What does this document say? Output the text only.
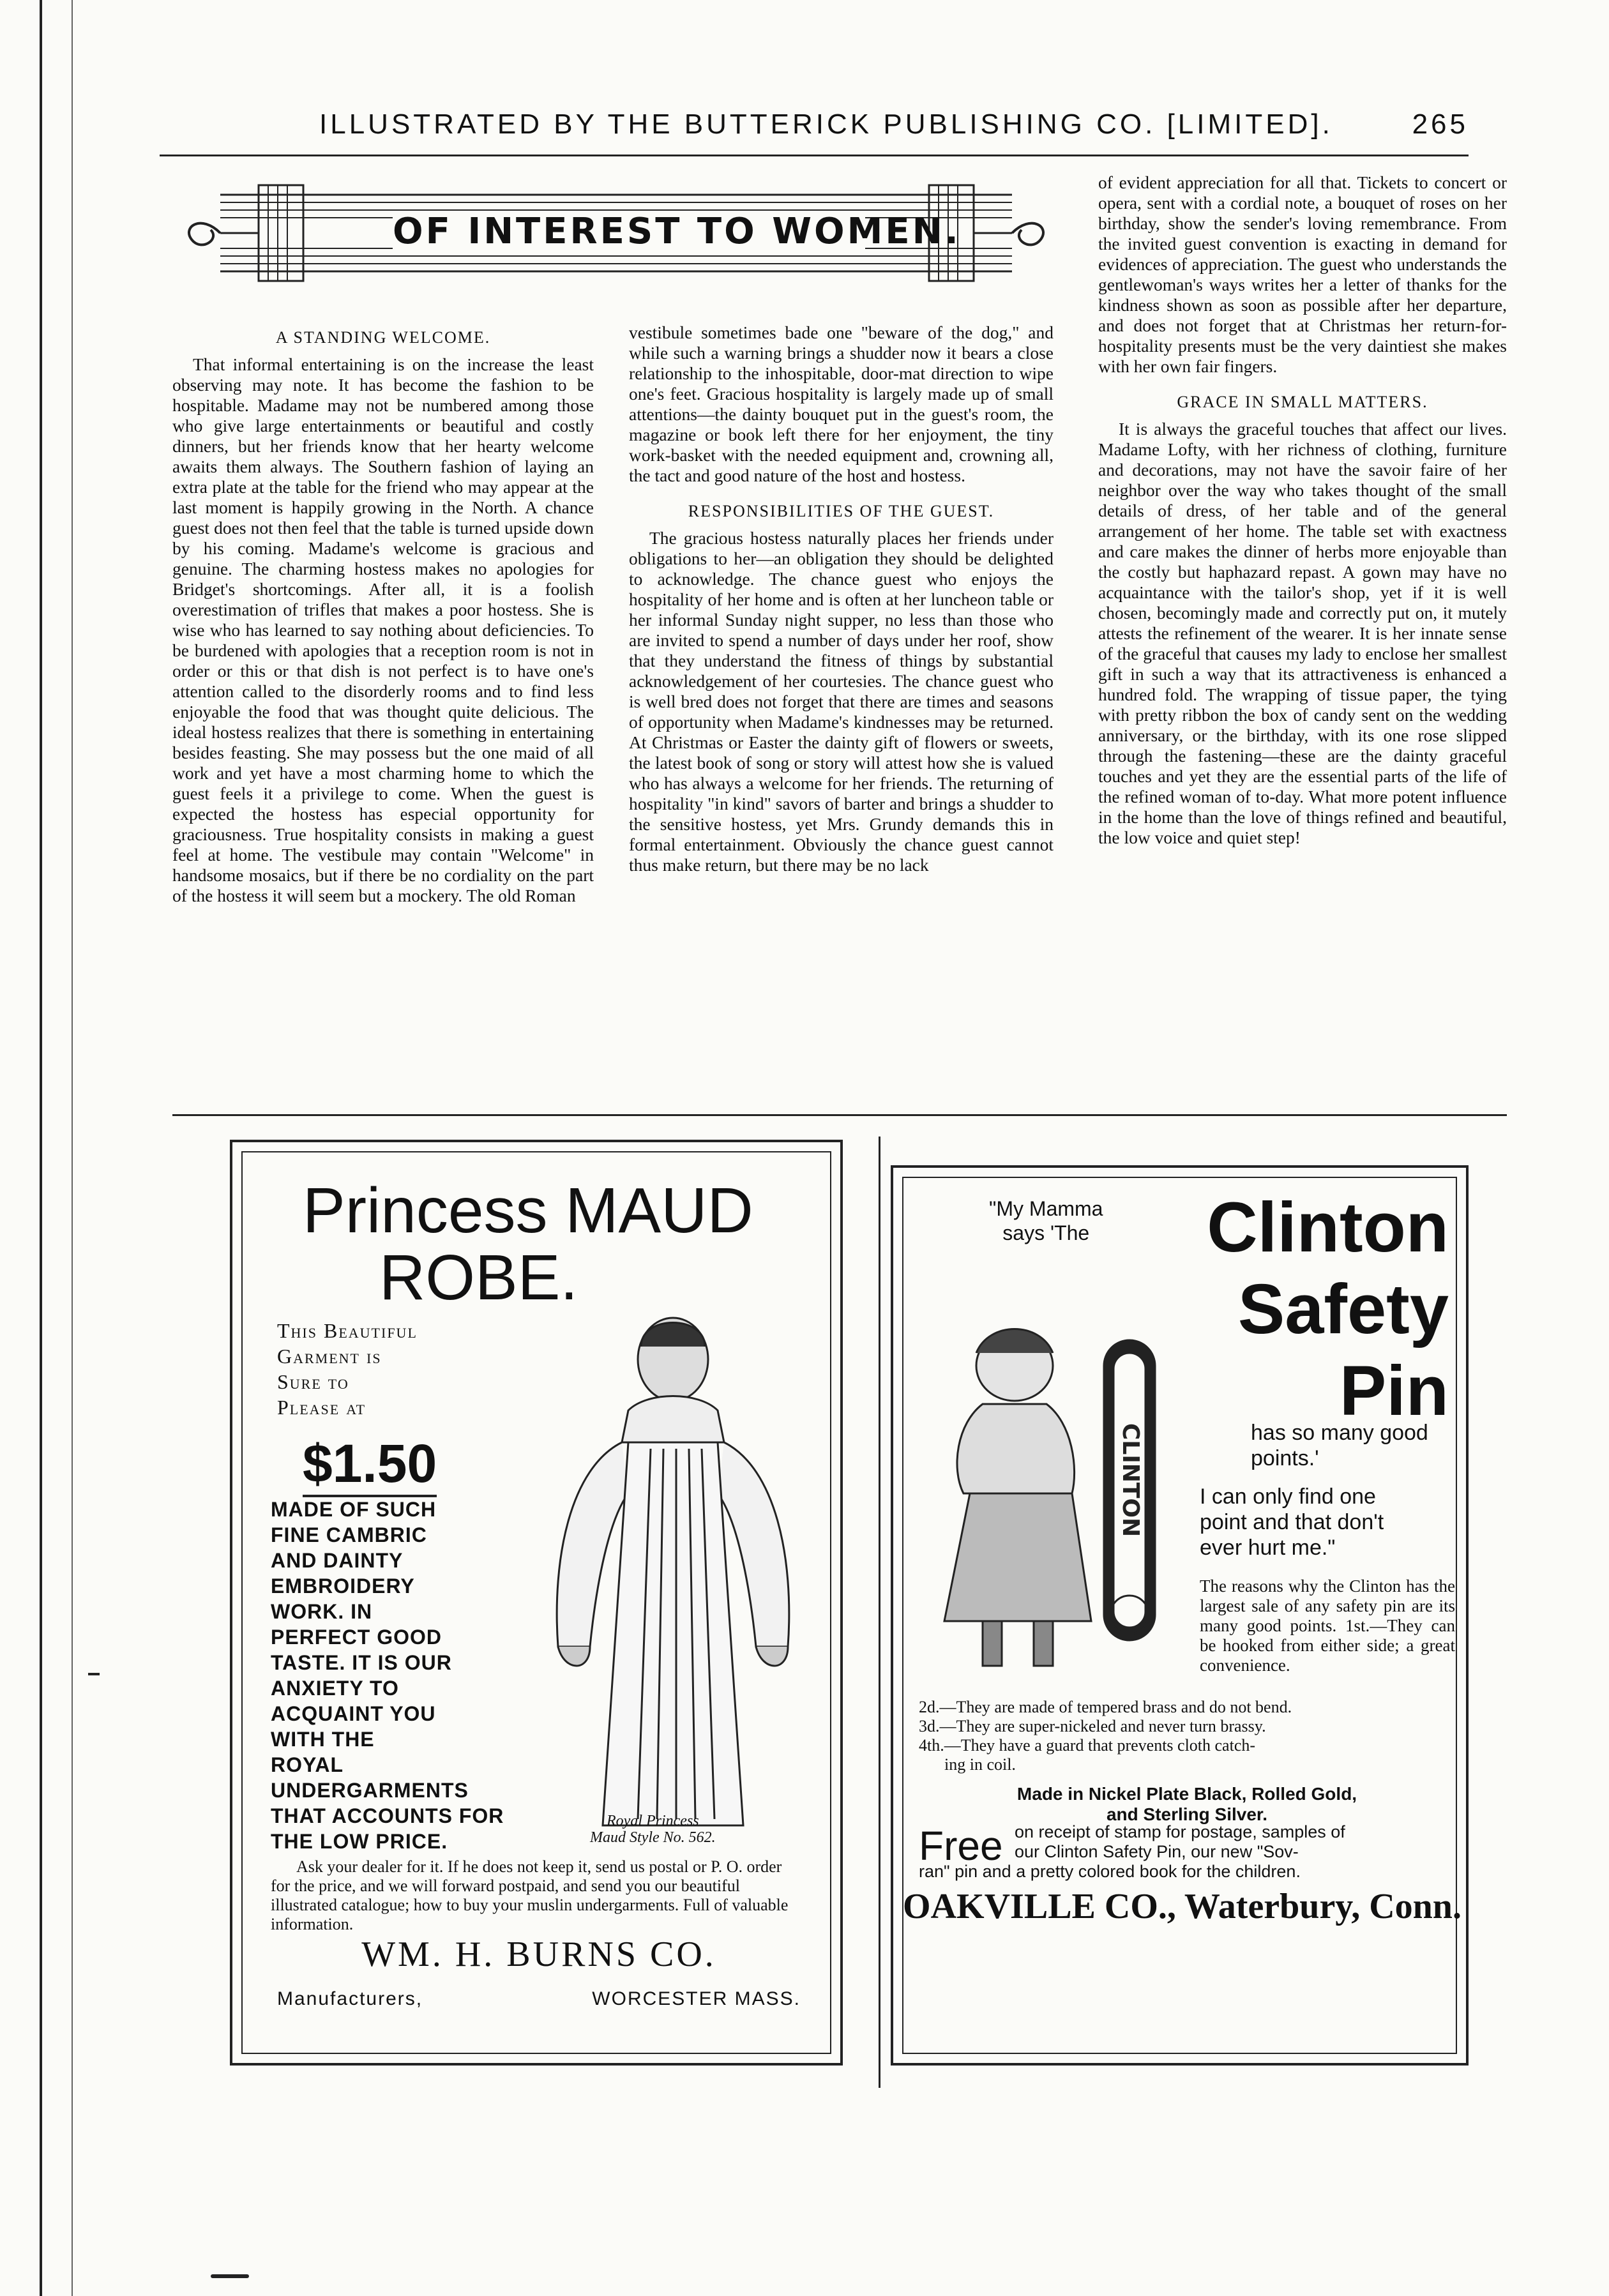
ILLUSTRATED BY THE BUTTERICK PUBLISHING CO. [LIMITED].	265
OF INTEREST TO WOMEN.
A STANDING WELCOME.

That informal entertaining is on the increase the least observing may note. It has become the fashion to be hospitable. Madame may not be numbered among those who give large entertainments or beautiful and costly dinners, but her friends know that her hearty welcome awaits them always. The Southern fashion of laying an extra plate at the table for the friend who may appear at the last moment is happily growing in the North. A chance guest does not then feel that the table is turned upside down by his coming. Madame's welcome is gracious and genuine. The charming hostess makes no apologies for Bridget's shortcomings. After all, it is a foolish overestimation of trifles that makes a poor hostess. She is wise who has learned to say nothing about deficiencies. To be burdened with apologies that a reception room is not in order or this or that dish is not perfect is to have one's attention called to the disorderly rooms and to find less enjoyable the food that was thought quite delicious. The ideal hostess realizes that there is something in entertaining besides feasting. She may possess but the one maid of all work and yet have a most charming home to which the guest feels it a privilege to come. When the guest is expected the hostess has especial opportunity for graciousness. True hospitality consists in making a guest feel at home. The vestibule may contain "Welcome" in handsome mosaics, but if there be no cordiality on the part of the hostess it will seem but a mockery. The old Roman

vestibule sometimes bade one "beware of the dog," and while such a warning brings a shudder now it bears a close relationship to the inhospitable, door-mat direction to wipe one's feet. Gracious hospitality is largely made up of small attentions—the dainty bouquet put in the guest's room, the magazine or book left there for her enjoyment, the tiny work-basket with the needed equipment and, crowning all, the tact and good nature of the host and hostess.

RESPONSIBILITIES OF THE GUEST.

The gracious hostess naturally places her friends under obligations to her—an obligation they should be delighted to acknowledge. The chance guest who enjoys the hospitality of her home and is often at her luncheon table or her informal Sunday night supper, no less than those who are invited to spend a number of days under her roof, show that they understand the fitness of things by substantial acknowledgement of her courtesies. The chance guest who is well bred does not forget that there are times and seasons of opportunity when Madame's kindnesses may be returned. At Christmas or Easter the dainty gift of flowers or sweets, the latest book of song or story will attest how she is valued who has always a welcome for her friends. The returning of hospitality "in kind" savors of barter and brings a shudder to the sensitive hostess, yet Mrs. Grundy demands this in formal entertainment. Obviously the chance guest cannot thus make return, but there may be no lack

of evident appreciation for all that. Tickets to concert or opera, sent with a cordial note, a bouquet of roses on her birthday, show the sender's loving remembrance. From the invited guest convention is exacting in demand for evidences of appreciation. The guest who understands the gentlewoman's ways writes her a letter of thanks for the kindness shown as soon as possible after her departure, and does not forget that at Christmas her return-for-hospitality presents must be the very daintiest she makes with her own fair fingers.

GRACE IN SMALL MATTERS.

It is always the graceful touches that affect our lives. Madame Lofty, with her richness of clothing, furniture and decorations, may not have the savoir faire of her neighbor over the way who takes thought of the small details of dress, of her table and of the general arrangement of her home. The table set with exactness and care makes the dinner of herbs more enjoyable than the costly but haphazard repast. A gown may have no acquaintance with the tailor's shop, yet if it is well chosen, becomingly made and correctly put on, it mutely attests the refinement of the wearer. It is her innate sense of the graceful that causes my lady to enclose her smallest gift in such a way that its attractiveness is enhanced a hundred fold. The wrapping of tissue paper, the tying with pretty ribbon the box of candy sent on the wedding anniversary, or the birthday, with its one rose slipped through the fastening—these are the dainty graceful touches and yet they are the essential parts of the life of the refined woman of to-day. What more potent influence in the home than the love of things refined and beautiful, the low voice and quiet step!

Princess MAUD
ROBE.
This Beautiful
Garment is
Sure to
Please at
$1.50
MADE OF SUCH
FINE CAMBRIC
AND DAINTY
EMBROIDERY
WORK. IN
PERFECT GOOD
TASTE. IT IS OUR
ANXIETY TO
ACQUAINT YOU
WITH THE
ROYAL
UNDERGARMENTS
THAT ACCOUNTS FOR
THE LOW PRICE.
Royal Princess
Maud Style No. 562.
Ask your dealer for it. If he does not keep it, send us postal or P. O. order for the price, and we will forward postpaid, and send you our beautiful illustrated catalogue; how to buy your muslin undergarments. Full of valuable information.
WM. H. BURNS CO.
Manufacturers,	WORCESTER MASS.
"My Mamma
says 'The	Clinton
Safety
Pin
CLINTON	has so many good points.'
I can only find one
point and that don't
ever hurt me."
The reasons why the Clinton has the largest sale of any safety pin are its many good points. 1st.—They can be hooked from either side; a great convenience.
2d.—They are made of tempered brass and do not bend.
3d.—They are super-nickeled and never turn brassy.
4th.—They have a guard that prevents cloth catch-
ing in coil.
Made in Nickel Plate Black, Rolled Gold,
and Sterling Silver.
Free on receipt of stamp for postage, samples of
our Clinton Safety Pin, our new "Sov-
ran" pin and a pretty colored book for the children.
OAKVILLE CO., Waterbury, Conn.
